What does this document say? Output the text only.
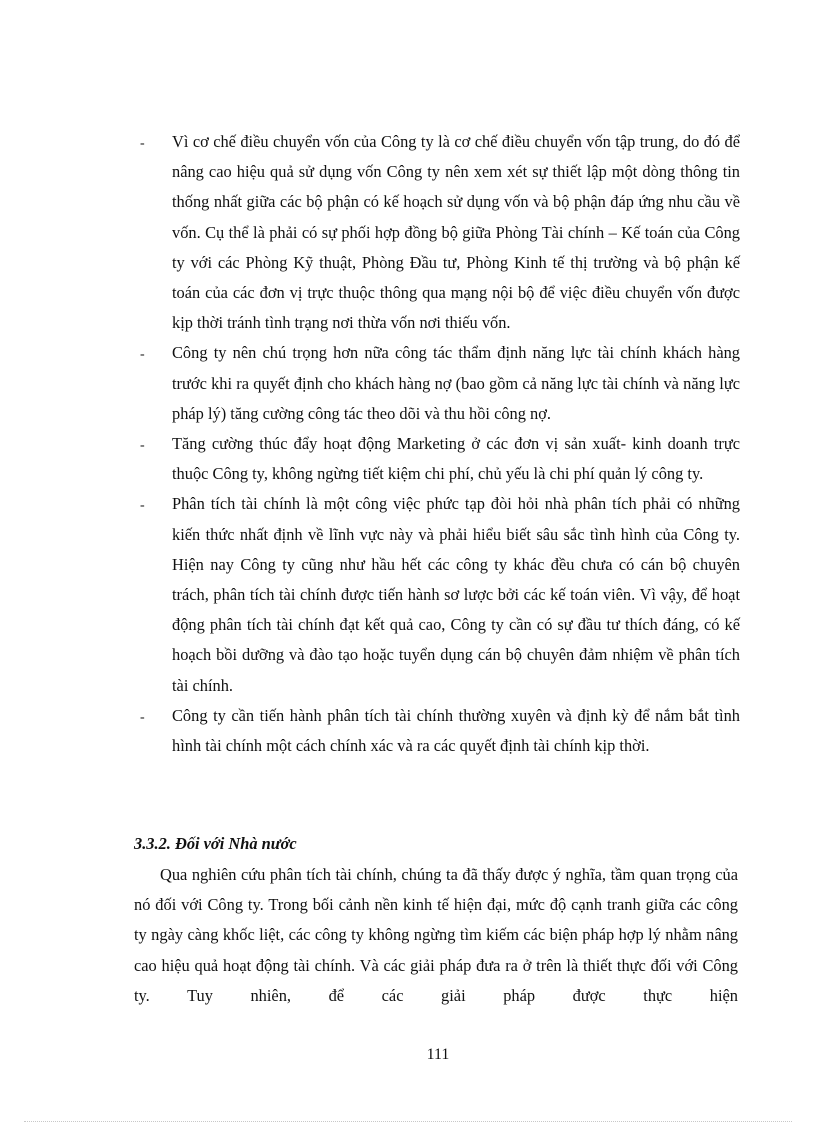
- Vì cơ chế điều chuyển vốn của Công ty là cơ chế điều chuyển vốn tập trung, do đó để nâng cao hiệu quả sử dụng vốn Công ty nên xem xét sự thiết lập một dòng thông tin thống nhất giữa các bộ phận có kế hoạch sử dụng vốn và bộ phận đáp ứng nhu cầu về vốn. Cụ thể là phải có sự phối hợp đồng bộ giữa Phòng Tài chính – Kế toán của Công ty với các Phòng Kỹ thuật, Phòng Đầu tư, Phòng Kinh tế thị trường và bộ phận kế toán của các đơn vị trực thuộc thông qua mạng nội bộ để việc điều chuyển vốn được kịp thời tránh tình trạng nơi thừa vốn nơi thiếu vốn.
- Công ty nên chú trọng hơn nữa công tác thẩm định năng lực tài chính khách hàng trước khi ra quyết định cho khách hàng nợ (bao gồm cả năng lực tài chính và năng lực pháp lý) tăng cường công tác theo dõi và thu hồi công nợ.
- Tăng cường thúc đẩy hoạt động Marketing ở các đơn vị sản xuất- kinh doanh trực thuộc Công ty, không ngừng tiết kiệm chi phí, chủ yếu là chi phí quản lý công ty.
- Phân tích tài chính là một công việc phức tạp đòi hỏi nhà phân tích phải có những kiến thức nhất định về lĩnh vực này và phải hiểu biết sâu sắc tình hình của Công ty. Hiện nay Công ty cũng như hầu hết các công ty khác đều chưa có cán bộ chuyên trách, phân tích tài chính được tiến hành sơ lược bởi các kế toán viên. Vì vậy, để hoạt động phân tích tài chính đạt kết quả cao, Công ty cần có sự đầu tư thích đáng, có kế hoạch bồi dưỡng và đào tạo hoặc tuyển dụng cán bộ chuyên đảm nhiệm về phân tích tài chính.
- Công ty cần tiến hành phân tích tài chính thường xuyên và định kỳ để nắm bắt tình hình tài chính một cách chính xác và ra các quyết định tài chính kịp thời.
3.3.2. Đối với Nhà nước

Qua nghiên cứu phân tích tài chính, chúng ta đã thấy được ý nghĩa, tầm quan trọng của nó đối với Công ty. Trong bối cảnh nền kinh tế hiện đại, mức độ cạnh tranh giữa các công ty ngày càng khốc liệt, các công ty không ngừng tìm kiếm các biện pháp hợp lý nhằm nâng cao hiệu quả hoạt động tài chính. Và các giải pháp đưa ra ở trên là thiết thực đối với Công ty. Tuy nhiên, để các giải pháp được thực hiện

111
